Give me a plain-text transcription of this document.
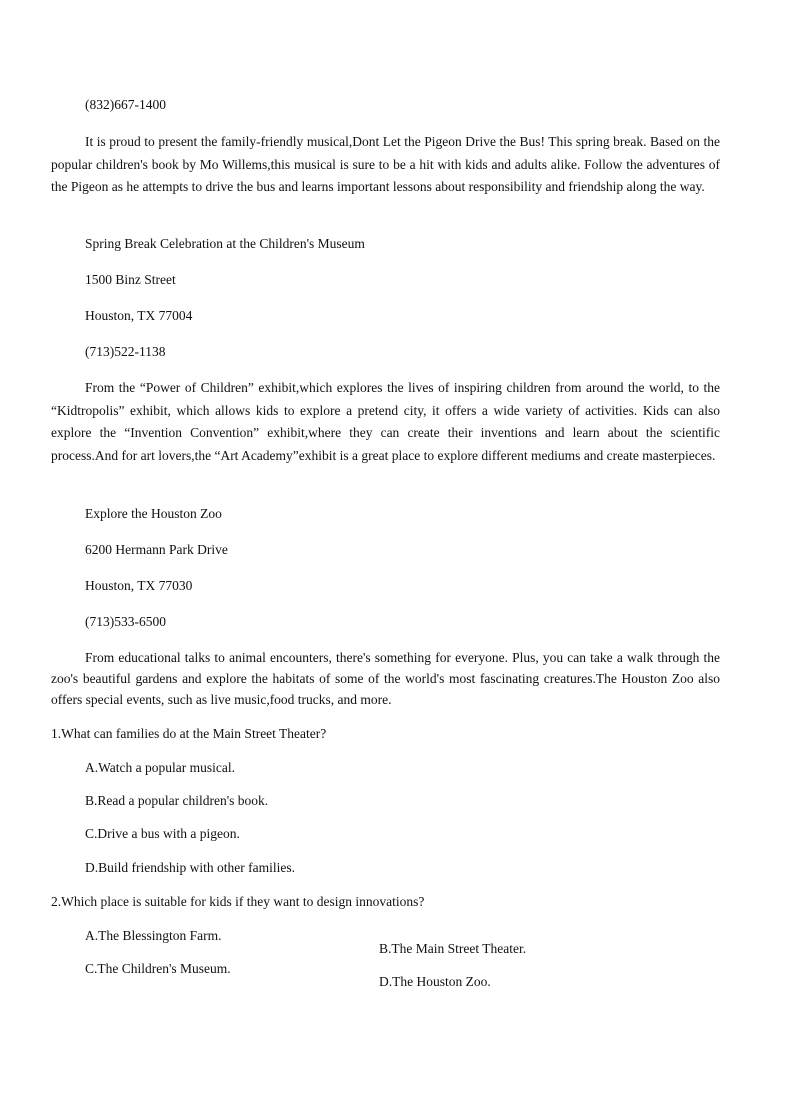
(832)667-1400
It is proud to present the family-friendly musical,Dont Let the Pigeon Drive the Bus! This spring break. Based on the popular children's book by Mo Willems,this musical is sure to be a hit with kids and adults alike. Follow the adventures of the Pigeon as he attempts to drive the bus and learns important lessons about responsibility and friendship along the way.
Spring Break Celebration at the Children's Museum
1500 Binz Street
Houston, TX 77004
(713)522-1138
From the “Power of Children” exhibit,which explores the lives of inspiring children from around the world, to the “Kidtropolis” exhibit, which allows kids to explore a pretend city, it offers a wide variety of activities. Kids can also explore the “Invention Convention” exhibit,where they can create their inventions and learn about the scientific process.And for art lovers,the “Art Academy”exhibit is a great place to explore different mediums and create masterpieces.
Explore the Houston Zoo
6200 Hermann Park Drive
Houston, TX 77030
(713)533-6500
From educational talks to animal encounters, there's something for everyone. Plus, you can take a walk through the zoo's beautiful gardens and explore the habitats of some of the world's most fascinating creatures.The Houston Zoo also offers special events, such as live music,food trucks, and more.
1.What can families do at the Main Street Theater?
A.Watch a popular musical.
B.Read a popular children's book.
C.Drive a bus with a pigeon.
D.Build friendship with other families.
2.Which place is suitable for kids if they want to design innovations?
A.The Blessington Farm.
B.The Main Street Theater.
C.The Children's Museum.
D.The Houston Zoo.
